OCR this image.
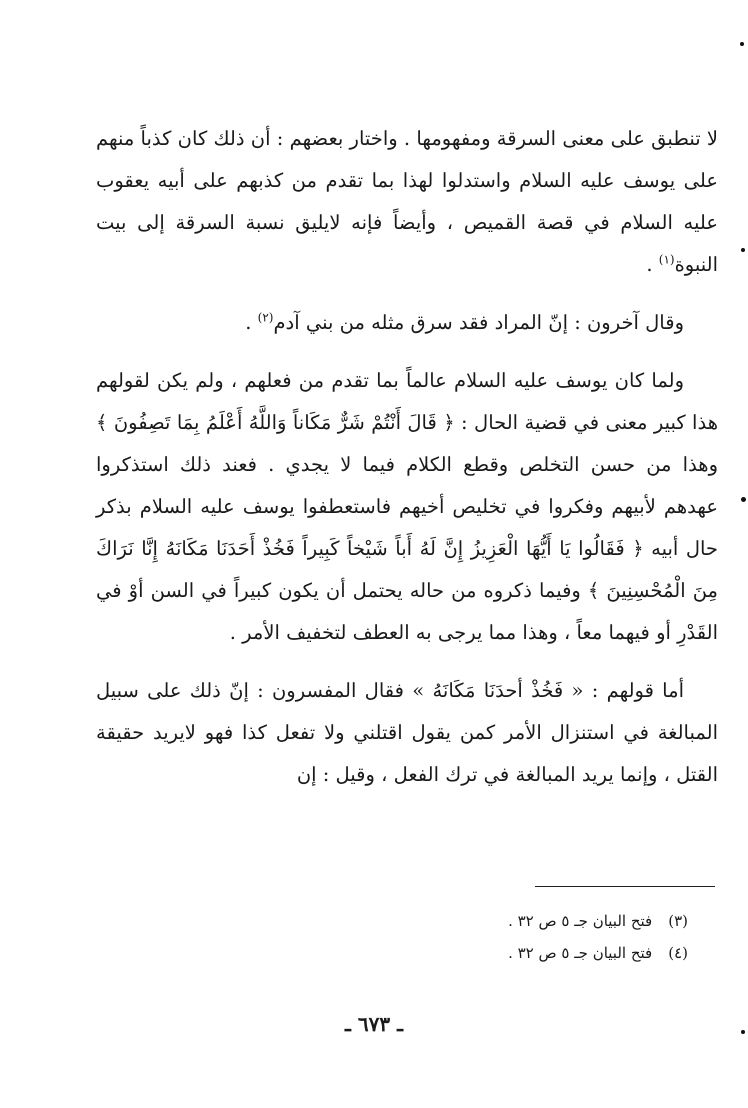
لا تنطبق على معنى السرقة ومفهومها . واختار بعضهم : أن ذلك كان كذباً منهم على يوسف عليه السلام واستدلوا لهذا بما تقدم من كذبهم على أبيه يعقوب عليه السلام في قصة القميص ، وأيضاً فإنه لايليق نسبة السرقة إلى بيت النبوة$^{(١)}$ .

وقال آخرون : إنّ المراد فقد سرق مثله من بني آدم$^{(٢)}$ .

ولما كان يوسف عليه السلام عالماً بما تقدم من فعلهم ، ولم يكن لقولهم هذا كبير معنى في قضية الحال : ﴿ قَالَ أَنْتُمْ شَرٌّ مَكَاناً وَاللَّهُ أَعْلَمُ بِمَا تَصِفُونَ ﴾ وهذا من حسن التخلص وقطع الكلام فيما لا يجدي . فعند ذلك استذكروا عهدهم لأبيهم وفكروا في تخليص أخيهم فاستعطفوا يوسف عليه السلام بذكر حال أبيه ﴿ فَقَالُوا يَا أَيُّهَا الْعَزِيزُ إِنَّ لَهُ أَباً شَيْخاً كَبِيراً فَخُذْ أَحَدَنَا مَكَانَهُ إِنَّا نَرَاكَ مِنَ الْمُحْسِنِينَ ﴾ وفيما ذكروه من حاله يحتمل أن يكون كبيراً في السن أوْ في القَدْرِ أو فيهما معاً ، وهذا مما يرجى به العطف لتخفيف الأمر .

أما قولهم : « فَخُذْ أحدَنَا مَكَانَهُ » فقال المفسرون : إنّ ذلك على سبيل المبالغة في استنزال الأمر كمن يقول اقتلني ولا تفعل كذا فهو لايريد حقيقة القتل ، وإنما يريد المبالغة في ترك الفعل ، وقيل : إن

(٣)فتح البيان جـ ٥ ص ٣٢ .
(٤)فتح البيان جـ ٥ ص ٣٢ .
ـ ٦٧٣ ـ
